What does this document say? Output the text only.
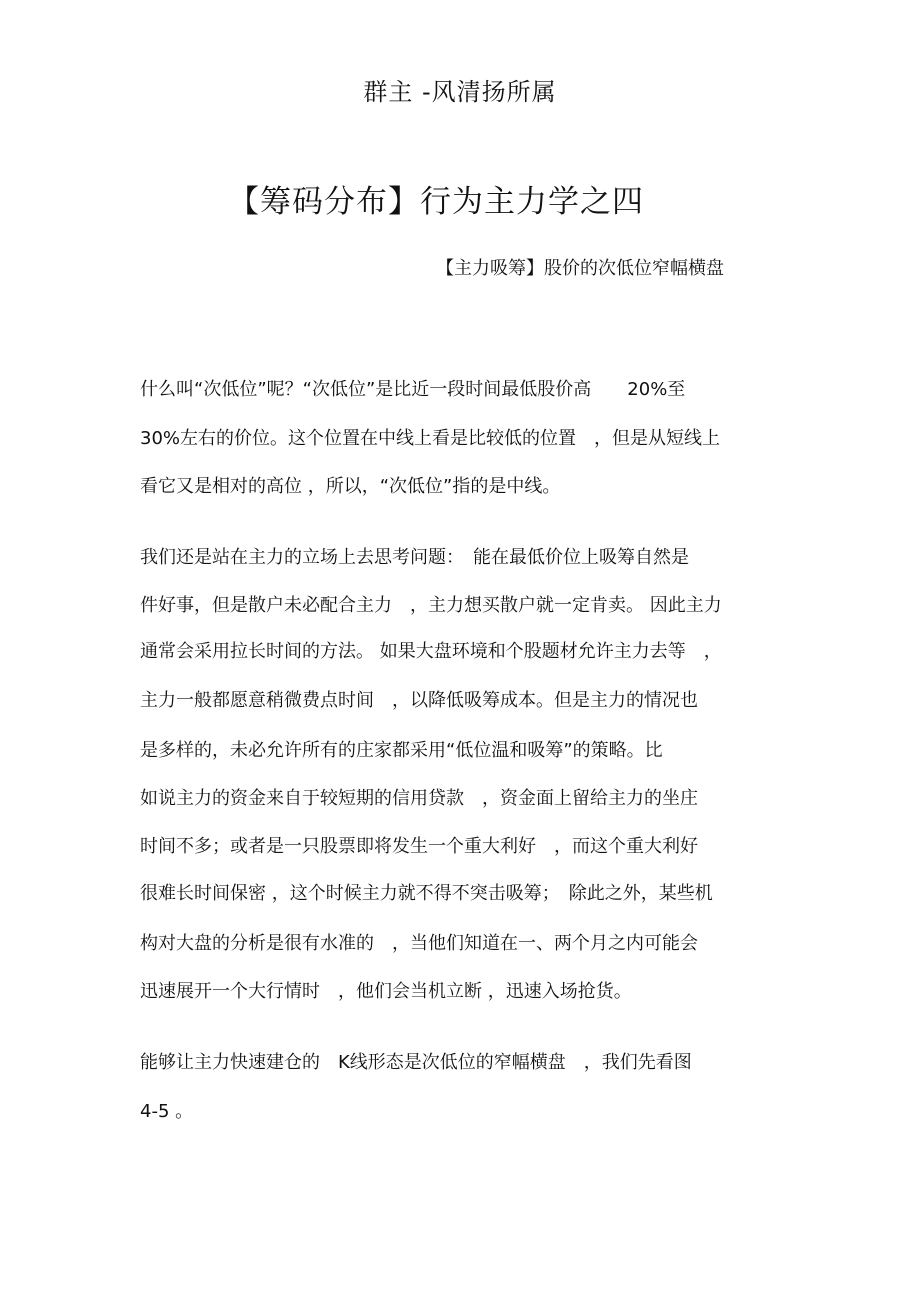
群主 -风清扬所属
【筹码分布】行为主力学之四
【主力吸筹】股价的次低位窄幅横盘
什么叫“次低位”呢？“次低位”是比近一段时间最低股价高　　20%至
30%左右的价位。这个位置在中线上看是比较低的位置　，但是从短线上
看它又是相对的高位 ，所以，“次低位”指的是中线。
我们还是站在主力的立场上去思考问题：　能在最低价位上吸筹自然是
件好事，但是散户未必配合主力　，主力想买散户就一定肯卖。 因此主力
通常会采用拉长时间的方法。 如果大盘环境和个股题材允许主力去等　，
主力一般都愿意稍微费点时间　，以降低吸筹成本。但是主力的情况也
是多样的，未必允许所有的庄家都采用“低位温和吸筹”的策略。比
如说主力的资金来自于较短期的信用贷款　，资金面上留给主力的坐庄
时间不多；或者是一只股票即将发生一个重大利好　，而这个重大利好
很难长时间保密 ，这个时候主力就不得不突击吸筹；　除此之外，某些机
构对大盘的分析是很有水准的　，当他们知道在一、两个月之内可能会
迅速展开一个大行情时　，他们会当机立断 ，迅速入场抢货。
能够让主力快速建仓的　K线形态是次低位的窄幅横盘　，我们先看图
4-5 。
